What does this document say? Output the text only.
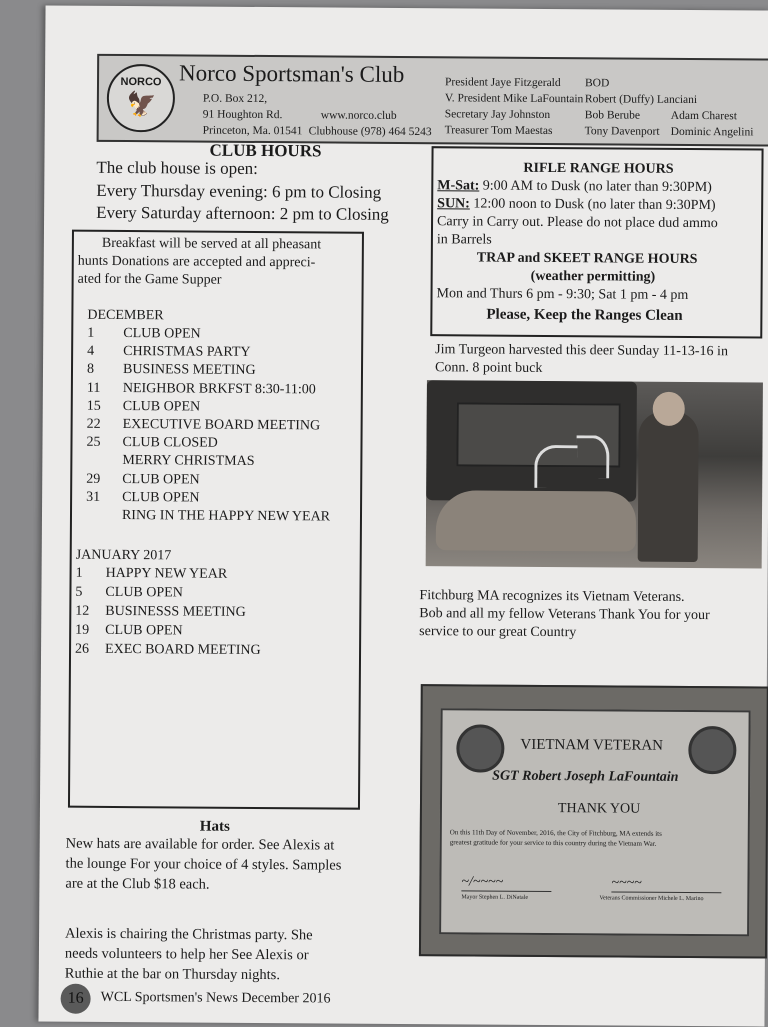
NORCO
🦅
Norco Sportsman's Club
P.O. Box 212,
91 Houghton Rd.
Princeton, Ma. 01541
www.norco.club
Clubhouse (978) 464 5243
President Jaye Fitzgerald
V. President Mike LaFountain
Secretary Jay Johnston
Treasurer Tom Maestas
BOD
Robert (Duffy) Lanciani
Bob Berube	Adam Charest
Tony Davenport Dominic Angelini
CLUB HOURS
The club house is open:
Every Thursday evening: 6 pm to Closing
Every Saturday afternoon: 2 pm to Closing
Breakfast will be served at all pheasant
hunts Donations are accepted and appreci-
ated for the Game Supper
DECEMBER
1 CLUB OPEN
4 CHRISTMAS PARTY
8 BUSINESS MEETING
11 NEIGHBOR BRKFST 8:30-11:00
15 CLUB OPEN
22 EXECUTIVE BOARD MEETING
25 CLUB CLOSED
MERRY CHRISTMAS
29 CLUB OPEN
31 CLUB OPEN
RING IN THE HAPPY NEW YEAR
JANUARY 2017
1 HAPPY NEW YEAR
5 CLUB OPEN
12 BUSINESSS MEETING
19 CLUB OPEN
26 EXEC BOARD MEETING
Hats
New hats are available for order. See Alexis at
the lounge For your choice of 4 styles. Samples
are at the Club $18 each.
Alexis is chairing the Christmas party. She
needs volunteers to help her See Alexis or
Ruthie at the bar on Thursday nights.
RIFLE RANGE HOURS
M-Sat: 9:00 AM to Dusk (no later than 9:30PM)
SUN: 12:00 noon to Dusk (no later than 9:30PM)
Carry in Carry out. Please do not place dud ammo
in Barrels
TRAP and SKEET RANGE HOURS
(weather permitting)
Mon and Thurs 6 pm - 9:30; Sat 1 pm - 4 pm
Please, Keep the Ranges Clean
Jim Turgeon harvested this deer Sunday 11-13-16 in
Conn. 8 point buck
Fitchburg MA recognizes its Vietnam Veterans.
Bob and all my fellow Veterans Thank You for your
service to our great Country
VIETNAM VETERAN
SGT Robert Joseph LaFountain
THANK YOU
On this 11th Day of November, 2016, the City of Fitchburg, MA extends its
greatest gratitude for your service to this country during the Vietnam War.
~/~~~~
Mayor Stephen L. DiNatale
~~~~
Veterans Commissioner Michele L. Marino
16	WCL Sportsmen's News December 2016
